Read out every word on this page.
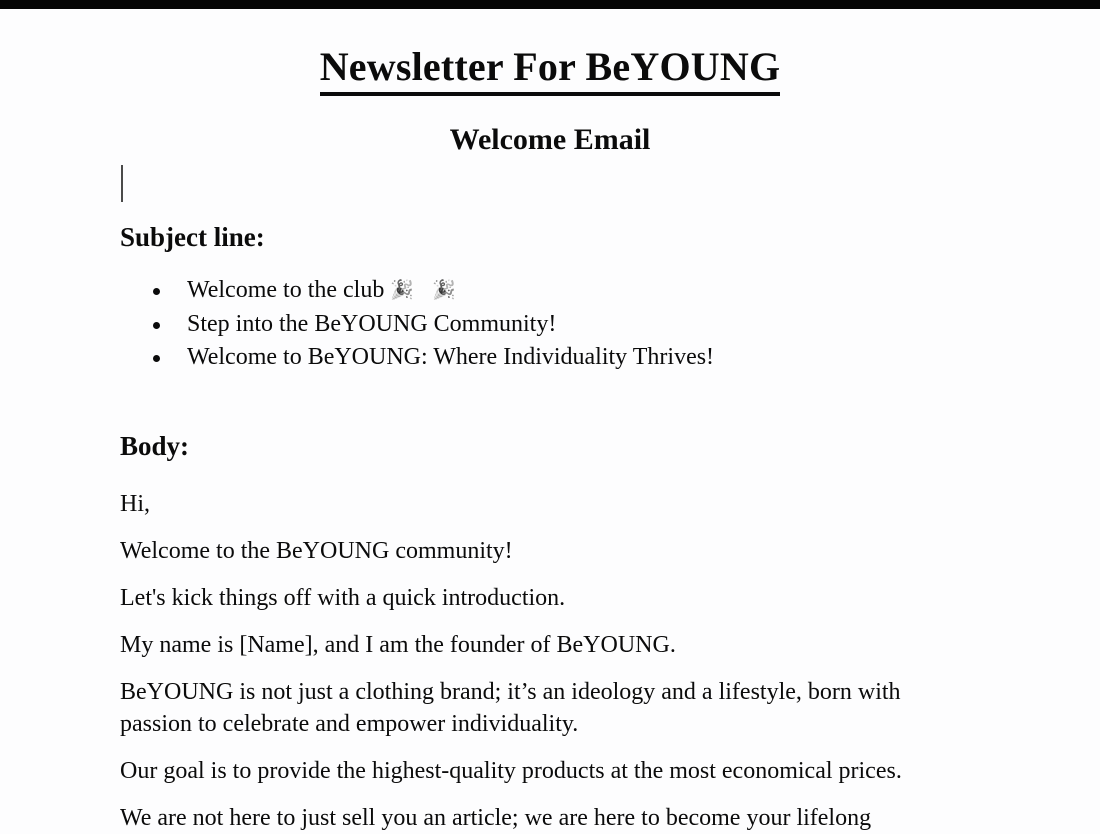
Newsletter For BeYOUNG
Welcome Email
Subject line:
Welcome to the club 🎉 🎉
Step into the BeYOUNG Community!
Welcome to BeYOUNG: Where Individuality Thrives!
Body:

Hi,

Welcome to the BeYOUNG community!

Let's kick things off with a quick introduction.

My name is [Name], and I am the founder of BeYOUNG.

BeYOUNG is not just a clothing brand; it’s an ideology and a lifestyle, born with passion to celebrate and empower individuality.

Our goal is to provide the highest-quality products at the most economical prices.

We are not here to just sell you an article; we are here to become your lifelong
